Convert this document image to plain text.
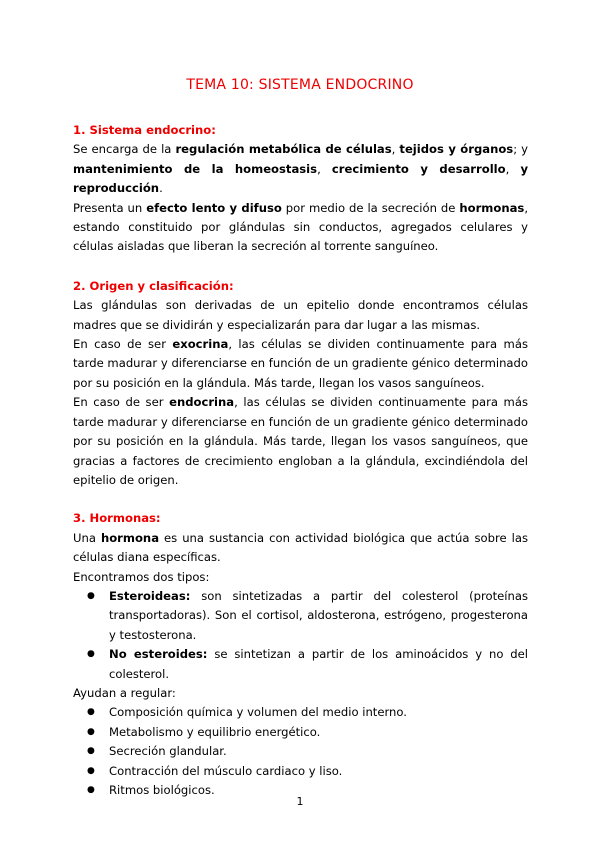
TEMA 10: SISTEMA ENDOCRINO

1. Sistema endocrino:

Se encarga de la regulación metabólica de células, tejidos y órganos; y

mantenimiento de la homeostasis, crecimiento y desarrollo, y reproducción.

Presenta un efecto lento y difuso por medio de la secreción de hormonas,

estando constituido por glándulas sin conductos, agregados celulares y células aisladas que liberan la secreción al torrente sanguíneo.

2. Origen y clasificación:

Las glándulas son derivadas de un epitelio donde encontramos células madres que se dividirán y especializarán para dar lugar a las mismas.

En caso de ser exocrina, las células se dividen continuamente para más tarde madurar y diferenciarse en función de un gradiente génico determinado por su posición en la glándula. Más tarde, llegan los vasos sanguíneos.

En caso de ser endocrina, las células se dividen continuamente para más tarde madurar y diferenciarse en función de un gradiente génico determinado por su posición en la glándula. Más tarde, llegan los vasos sanguíneos, que gracias a factores de crecimiento engloban a la glándula, excindiéndola del epitelio de origen.

3. Hormonas:

Una hormona es una sustancia con actividad biológica que actúa sobre las células diana específicas.

Encontramos dos tipos:

● Esteroideas: son sintetizadas a partir del colesterol (proteínas transportadoras). Son el cortisol, aldosterona, estrógeno, progesterona y testosterona.
● No esteroides: se sintetizan a partir de los aminoácidos y no del colesterol.

Ayudan a regular:

● Composición química y volumen del medio interno.
● Metabolismo y equilibrio energético.
● Secreción glandular.
● Contracción del músculo cardiaco y liso.
● Ritmos biológicos.
1
